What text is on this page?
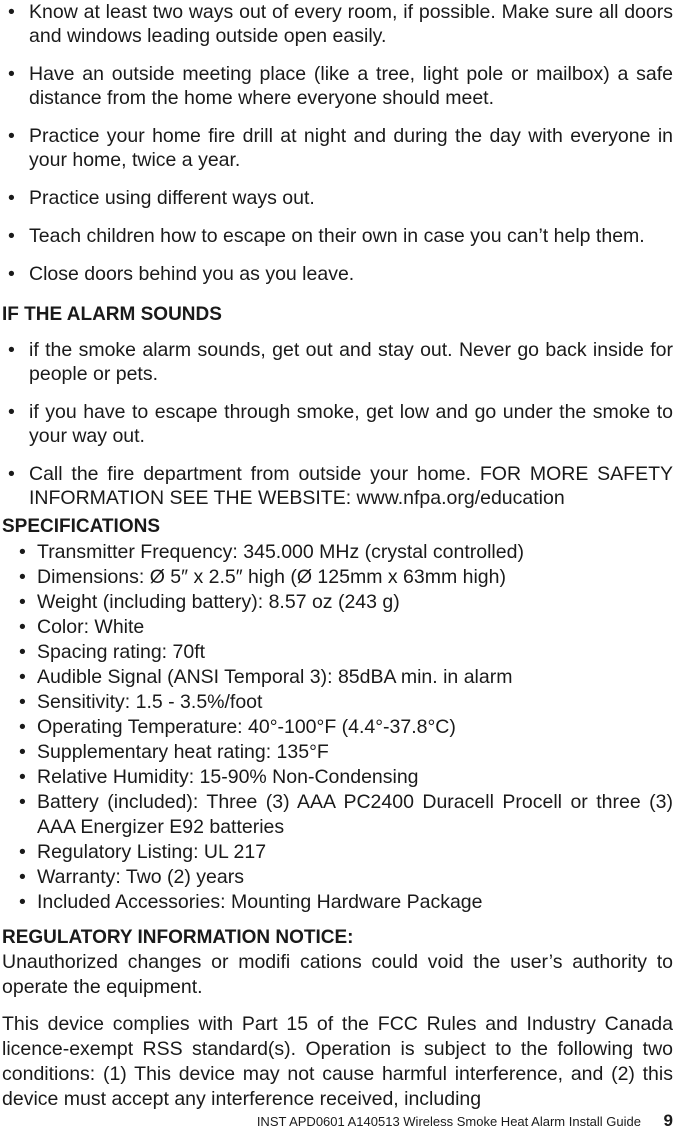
• Know at least two ways out of every room, if possible. Make sure all doors and windows leading outside open easily.
• Have an outside meeting place (like a tree, light pole or mailbox) a safe distance from the home where everyone should meet.
• Practice your home fire drill at night and during the day with everyone in your home, twice a year.
• Practice using different ways out.
• Teach children how to escape on their own in case you can’t help them.
• Close doors behind you as you leave.
IF THE ALARM SOUNDS
• if the smoke alarm sounds, get out and stay out. Never go back inside for people or pets.
• if you have to escape through smoke, get low and go under the smoke to your way out.
• Call the fire department from outside your home. FOR MORE SAFETY INFORMATION SEE THE WEBSITE: www.nfpa.org/education
SPECIFICATIONS
• Transmitter Frequency: 345.000 MHz (crystal controlled)
• Dimensions: Ø 5″ x 2.5″ high (Ø 125mm x 63mm high)
• Weight (including battery): 8.57 oz (243 g)
• Color: White
• Spacing rating: 70ft
• Audible Signal (ANSI Temporal 3): 85dBA min. in alarm
• Sensitivity: 1.5 - 3.5%/foot
• Operating Temperature: 40°-100°F (4.4°-37.8°C)
• Supplementary heat rating: 135°F
• Relative Humidity: 15-90% Non-Condensing
• Battery (included): Three (3) AAA PC2400 Duracell Procell or three (3) AAA Energizer E92 batteries
• Regulatory Listing: UL 217
• Warranty: Two (2) years
• Included Accessories: Mounting Hardware Package
REGULATORY INFORMATION NOTICE:
Unauthorized changes or modifi cations could void the user’s authority to operate the equipment.
This device complies with Part 15 of the FCC Rules and Industry Canada licence-exempt RSS standard(s). Operation is subject to the following two conditions: (1) This device may not cause harmful interference, and (2) this device must accept any interference received, including
INST APD0601 A140513 Wireless Smoke Heat Alarm Install Guide 9
